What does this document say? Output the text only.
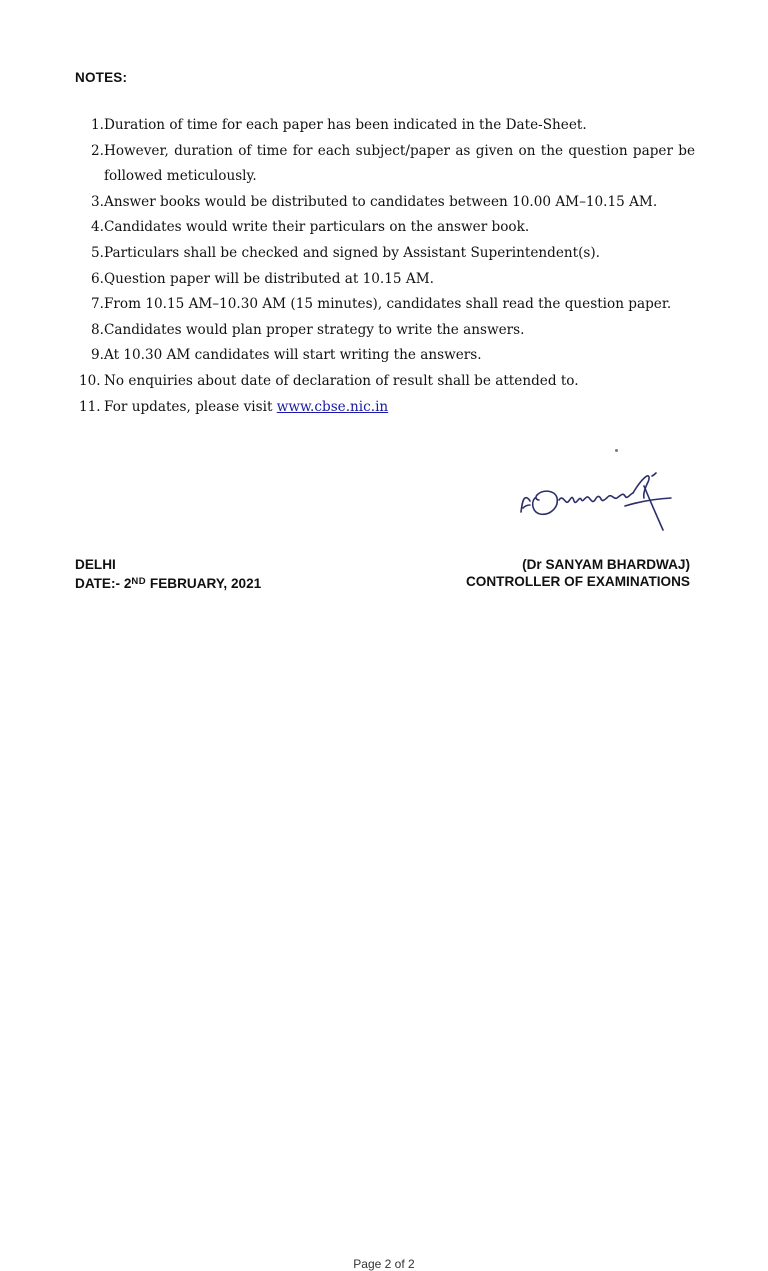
NOTES:
1. Duration of time for each paper has been indicated in the Date-Sheet.
2. However, duration of time for each subject/paper as given on the question paper be followed meticulously.
3. Answer books would be distributed to candidates between 10.00 AM–10.15 AM.
4. Candidates would write their particulars on the answer book.
5. Particulars shall be checked and signed by Assistant Superintendent(s).
6. Question paper will be distributed at 10.15 AM.
7. From 10.15 AM–10.30 AM (15 minutes), candidates shall read the question paper.
8. Candidates would plan proper strategy to write the answers.
9. At 10.30 AM candidates will start writing the answers.
10. No enquiries about date of declaration of result shall be attended to.
11. For updates, please visit www.cbse.nic.in
DELHI
DATE:- 2ND FEBRUARY, 2021
(Dr SANYAM BHARDWAJ)
CONTROLLER OF EXAMINATIONS
Page 2 of 2
